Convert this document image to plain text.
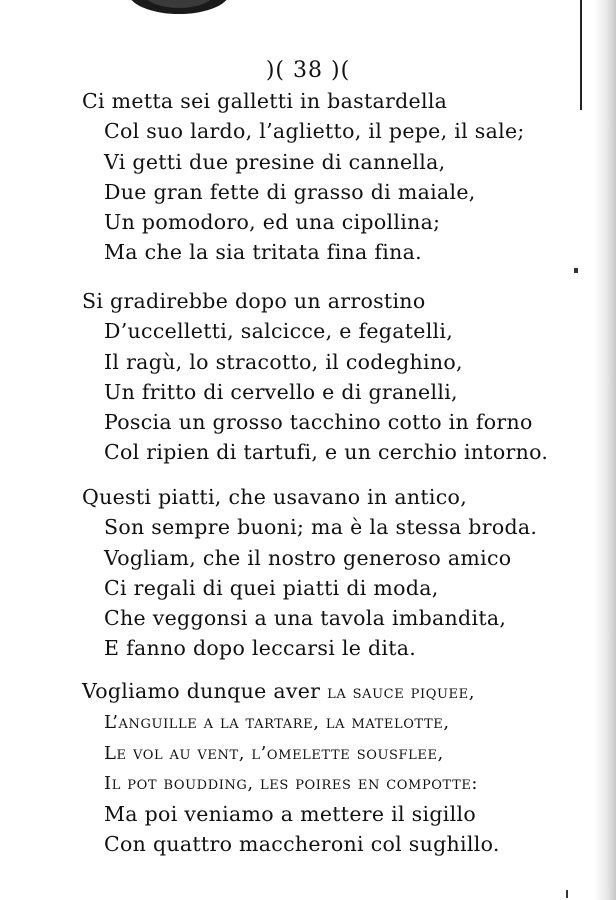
)( 38 )(
Ci metta sei galletti in bastardella
Col suo lardo, l’aglietto, il pepe, il sale;
Vi getti due presine di cannella,
Due gran fette di grasso di maiale,
Un pomodoro, ed una cipollina;
Ma che la sia tritata fina fina.
Si gradirebbe dopo un arrostino
D’uccelletti, salcicce, e fegatelli,
Il ragù, lo stracotto, il codeghino,
Un fritto di cervello e di granelli,
Poscia un grosso tacchino cotto in forno
Col ripien di tartufi, e un cerchio intorno.
Questi piatti, che usavano in antico,
Son sempre buoni; ma è la stessa broda.
Vogliam, che il nostro generoso amico
Ci regali di quei piatti di moda,
Che veggonsi a una tavola imbandita,
E fanno dopo leccarsi le dita.
Vogliamo dunque aver la sauce piquee,
L’anguille a la tartare, la matelotte,
Le vol au vent, l’omelette sousflee,
Il pot boudding, les poires en compotte:
Ma poi veniamo a mettere il sigillo
Con quattro maccheroni col sughillo.
